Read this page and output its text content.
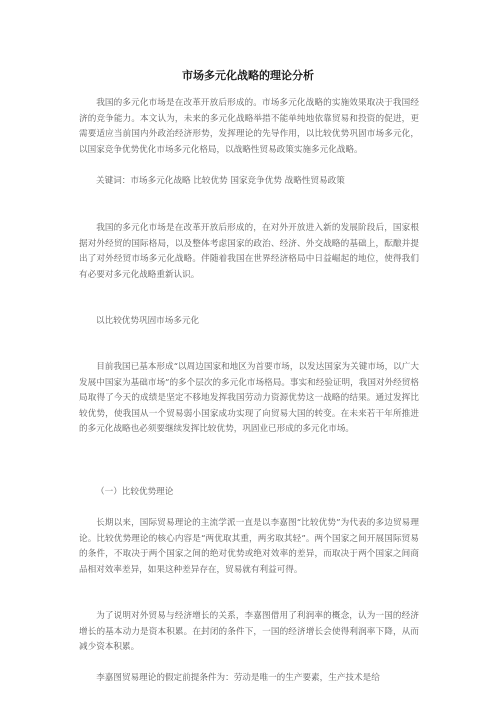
市场多元化战略的理论分析

我国的多元化市场是在改革开放后形成的。市场多元化战略的实施效果取决于我国经济的竞争能力。本文认为，未来的多元化战略举措不能单纯地依靠贸易和投资的促进，更需要适应当前国内外政治经济形势，发挥理论的先导作用，以比较优势巩固市场多元化，以国家竞争优势优化市场多元化格局，以战略性贸易政策实施多元化战略。

关键词：市场多元化战略 比较优势 国家竞争优势 战略性贸易政策

我国的多元化市场是在改革开放后形成的，在对外开放进入新的发展阶段后，国家根据对外经贸的国际格局，以及整体考虑国家的政治、经济、外交战略的基础上，酝酿并提出了对外经贸市场多元化战略。伴随着我国在世界经济格局中日益崛起的地位，使得我们有必要对多元化战略重新认识。

以比较优势巩固市场多元化

目前我国已基本形成“以周边国家和地区为首要市场，以发达国家为关键市场，以广大发展中国家为基础市场”的多个层次的多元化市场格局。事实和经验证明，我国对外经贸格局取得了今天的成绩是坚定不移地发挥我国劳动力资源优势这一战略的结果。通过发挥比较优势，使我国从一个贸易弱小国家成功实现了向贸易大国的转变。在未来若干年所推进的多元化战略也必须要继续发挥比较优势，巩固业已形成的多元化市场。

（一）比较优势理论

长期以来，国际贸易理论的主流学派一直是以李嘉图“比较优势”为代表的多边贸易理论。比较优势理论的核心内容是“两优取其重，两劣取其轻”。两个国家之间开展国际贸易的条件，不取决于两个国家之间的绝对优势或绝对效率的差异，而取决于两个国家之间商品相对效率差异，如果这种差异存在，贸易就有利益可得。

为了说明对外贸易与经济增长的关系，李嘉图借用了利润率的概念，认为一国的经济增长的基本动力是资本积累。在封闭的条件下，一国的经济增长会使得利润率下降，从而减少资本积累。

李嘉图贸易理论的假定前提条件为：劳动是唯一的生产要素，生产技术是给
